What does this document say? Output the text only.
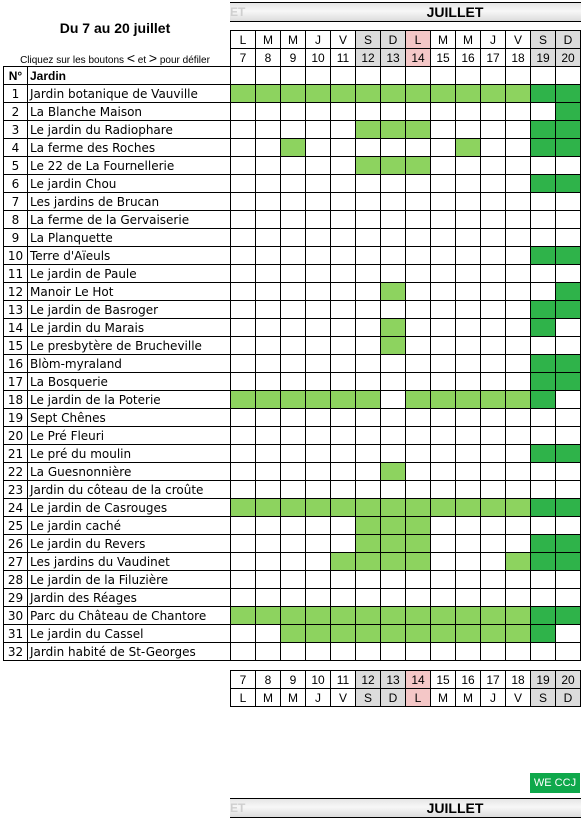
Du 7 au 20 juillet
Cliquez sur les boutons < et > pour défiler
ET	JUILLET
		L	M	M	J	V	S	D	L	M	M	J	V	S	D
		7	8	9	10	11	12	13	14	15	16	17	18	19	20
N°	Jardin														
1	Jardin botanique de Vauville														
2	La Blanche Maison														
3	Le jardin du Radiophare														
4	La ferme des Roches														
5	Le 22 de La Fournellerie														
6	Le jardin Chou														
7	Les jardins de Brucan														
8	La ferme de la Gervaiserie														
9	La Planquette														
10	Terre d'Aïeuls														
11	Le jardin de Paule														
12	Manoir Le Hot														
13	Le jardin de Basroger														
14	Le jardin du Marais														
15	Le presbytère de Brucheville														
16	Blòm-myraland														
17	La Bosquerie														
18	Le jardin de la Poterie														
19	Sept Chênes														
20	Le Pré Fleuri														
21	Le pré du moulin														
22	La Guesnonnière														
23	Jardin du côteau de la croûte														
24	Le jardin de Casrouges														
25	Le jardin caché														
26	Le jardin du Revers														
27	Les jardins du Vaudinet														
28	Le jardin de la Filuzière														
29	Jardin des Réages														
30	Parc du Château de Chantore														
31	Le jardin du Cassel														
32	Jardin habité de St-Georges														

		7	8	9	10	11	12	13	14	15	16	17	18	19	20
		L	M	M	J	V	S	D	L	M	M	J	V	S	D
WE CCJ
ET	JUILLET
